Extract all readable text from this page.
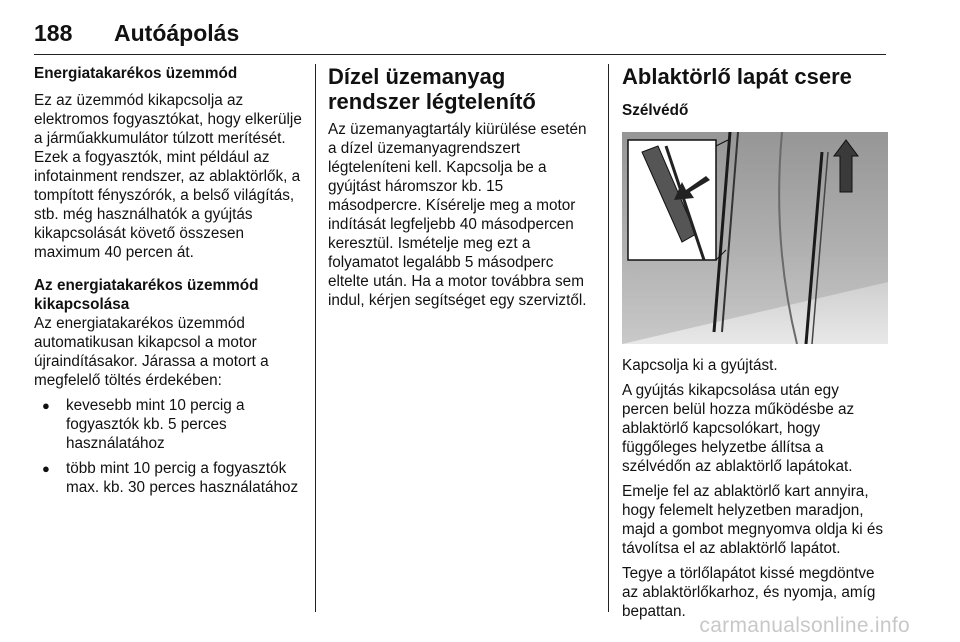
188 Autóápolás
Energiatakarékos üzemmód

Ez az üzemmód kikapcsolja az elektromos fogyasztókat, hogy elkerülje a járműakkumulátor túlzott merítését. Ezek a fogyasztók, mint például az infotainment rendszer, az ablaktörlők, a tompított fényszórók, a belső világítás, stb. még használhatók a gyújtás kikapcsolását követő összesen maximum 40 percen át.

Az energiatakarékos üzemmód kikapcsolása

Az energiatakarékos üzemmód automatikusan kikapcsol a motor újraindításakor. Járassa a motort a megfelelő töltés érdekében:

● kevesebb mint 10 percig a fogyasztók kb. 5 perces használatához
● több mint 10 percig a fogyasztók max. kb. 30 perces használatához
Dízel üzemanyag rendszer légtelenítő

Az üzemanyagtartály kiürülése esetén a dízel üzemanyagrendszert légteleníteni kell. Kapcsolja be a gyújtást háromszor kb. 15 másodpercre. Kísérelje meg a motor indítását legfeljebb 40 másodpercen keresztül. Ismételje meg ezt a folyamatot legalább 5 másodperc eltelte után. Ha a motor továbbra sem indul, kérjen segítséget egy szerviztől.

Ablaktörlő lapát csere
Szélvédő

Kapcsolja ki a gyújtást.

A gyújtás kikapcsolása után egy percen belül hozza működésbe az ablaktörlő kapcsolókart, hogy függőleges helyzetbe állítsa a szélvédőn az ablaktörlő lapátokat.

Emelje fel az ablaktörlő kart annyira, hogy felemelt helyzetben maradjon, majd a gombot megnyomva oldja ki és távolítsa el az ablaktörlő lapátot.

Tegye a törlőlapátot kissé megdöntve az ablaktörlőkarhoz, és nyomja, amíg bepattan.

carmanualsonline.info
